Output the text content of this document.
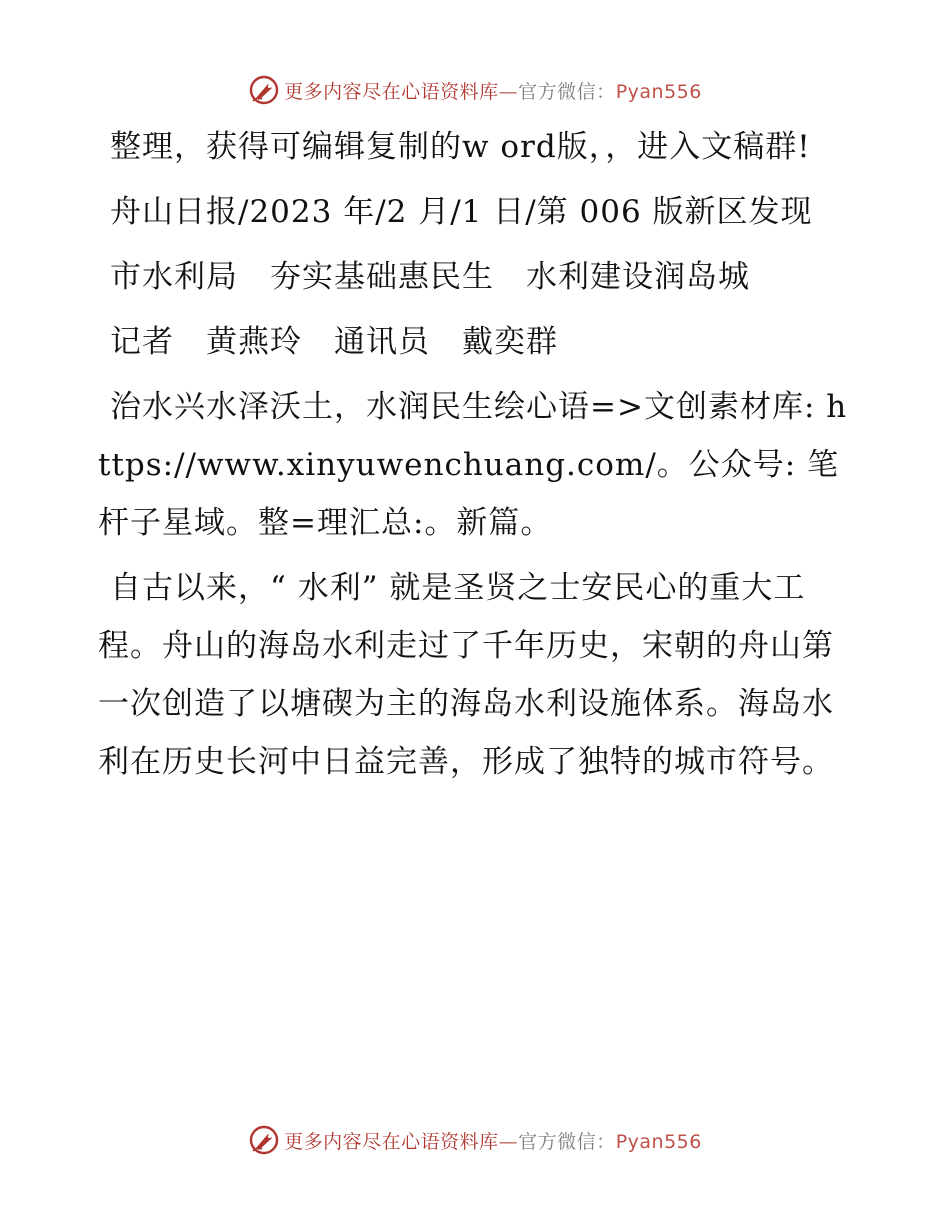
更多内容尽在心语资料库—官方微信：Pyan556

整理，获得可编辑复制的w ord版，，进入文稿群!

舟山日报/2023 年/2 月/1 日/第 006 版新区发现

市水利局　夯实基础惠民生　水利建设润岛城

记者　黄燕玲　通讯员　戴奕群

治水兴水泽沃土，水润民生绘心语=>文创素材库: https://www.xinyuwenchuang.com/。公众号: 笔杆子星域。整=理汇总:。新篇。

自古以来，“ 水利” 就是圣贤之士安民心的重大工程。舟山的海岛水利走过了千年历史，宋朝的舟山第一次创造了以塘碶为主的海岛水利设施体系。海岛水利在历史长河中日益完善，形成了独特的城市符号。

更多内容尽在心语资料库—官方微信：Pyan556
